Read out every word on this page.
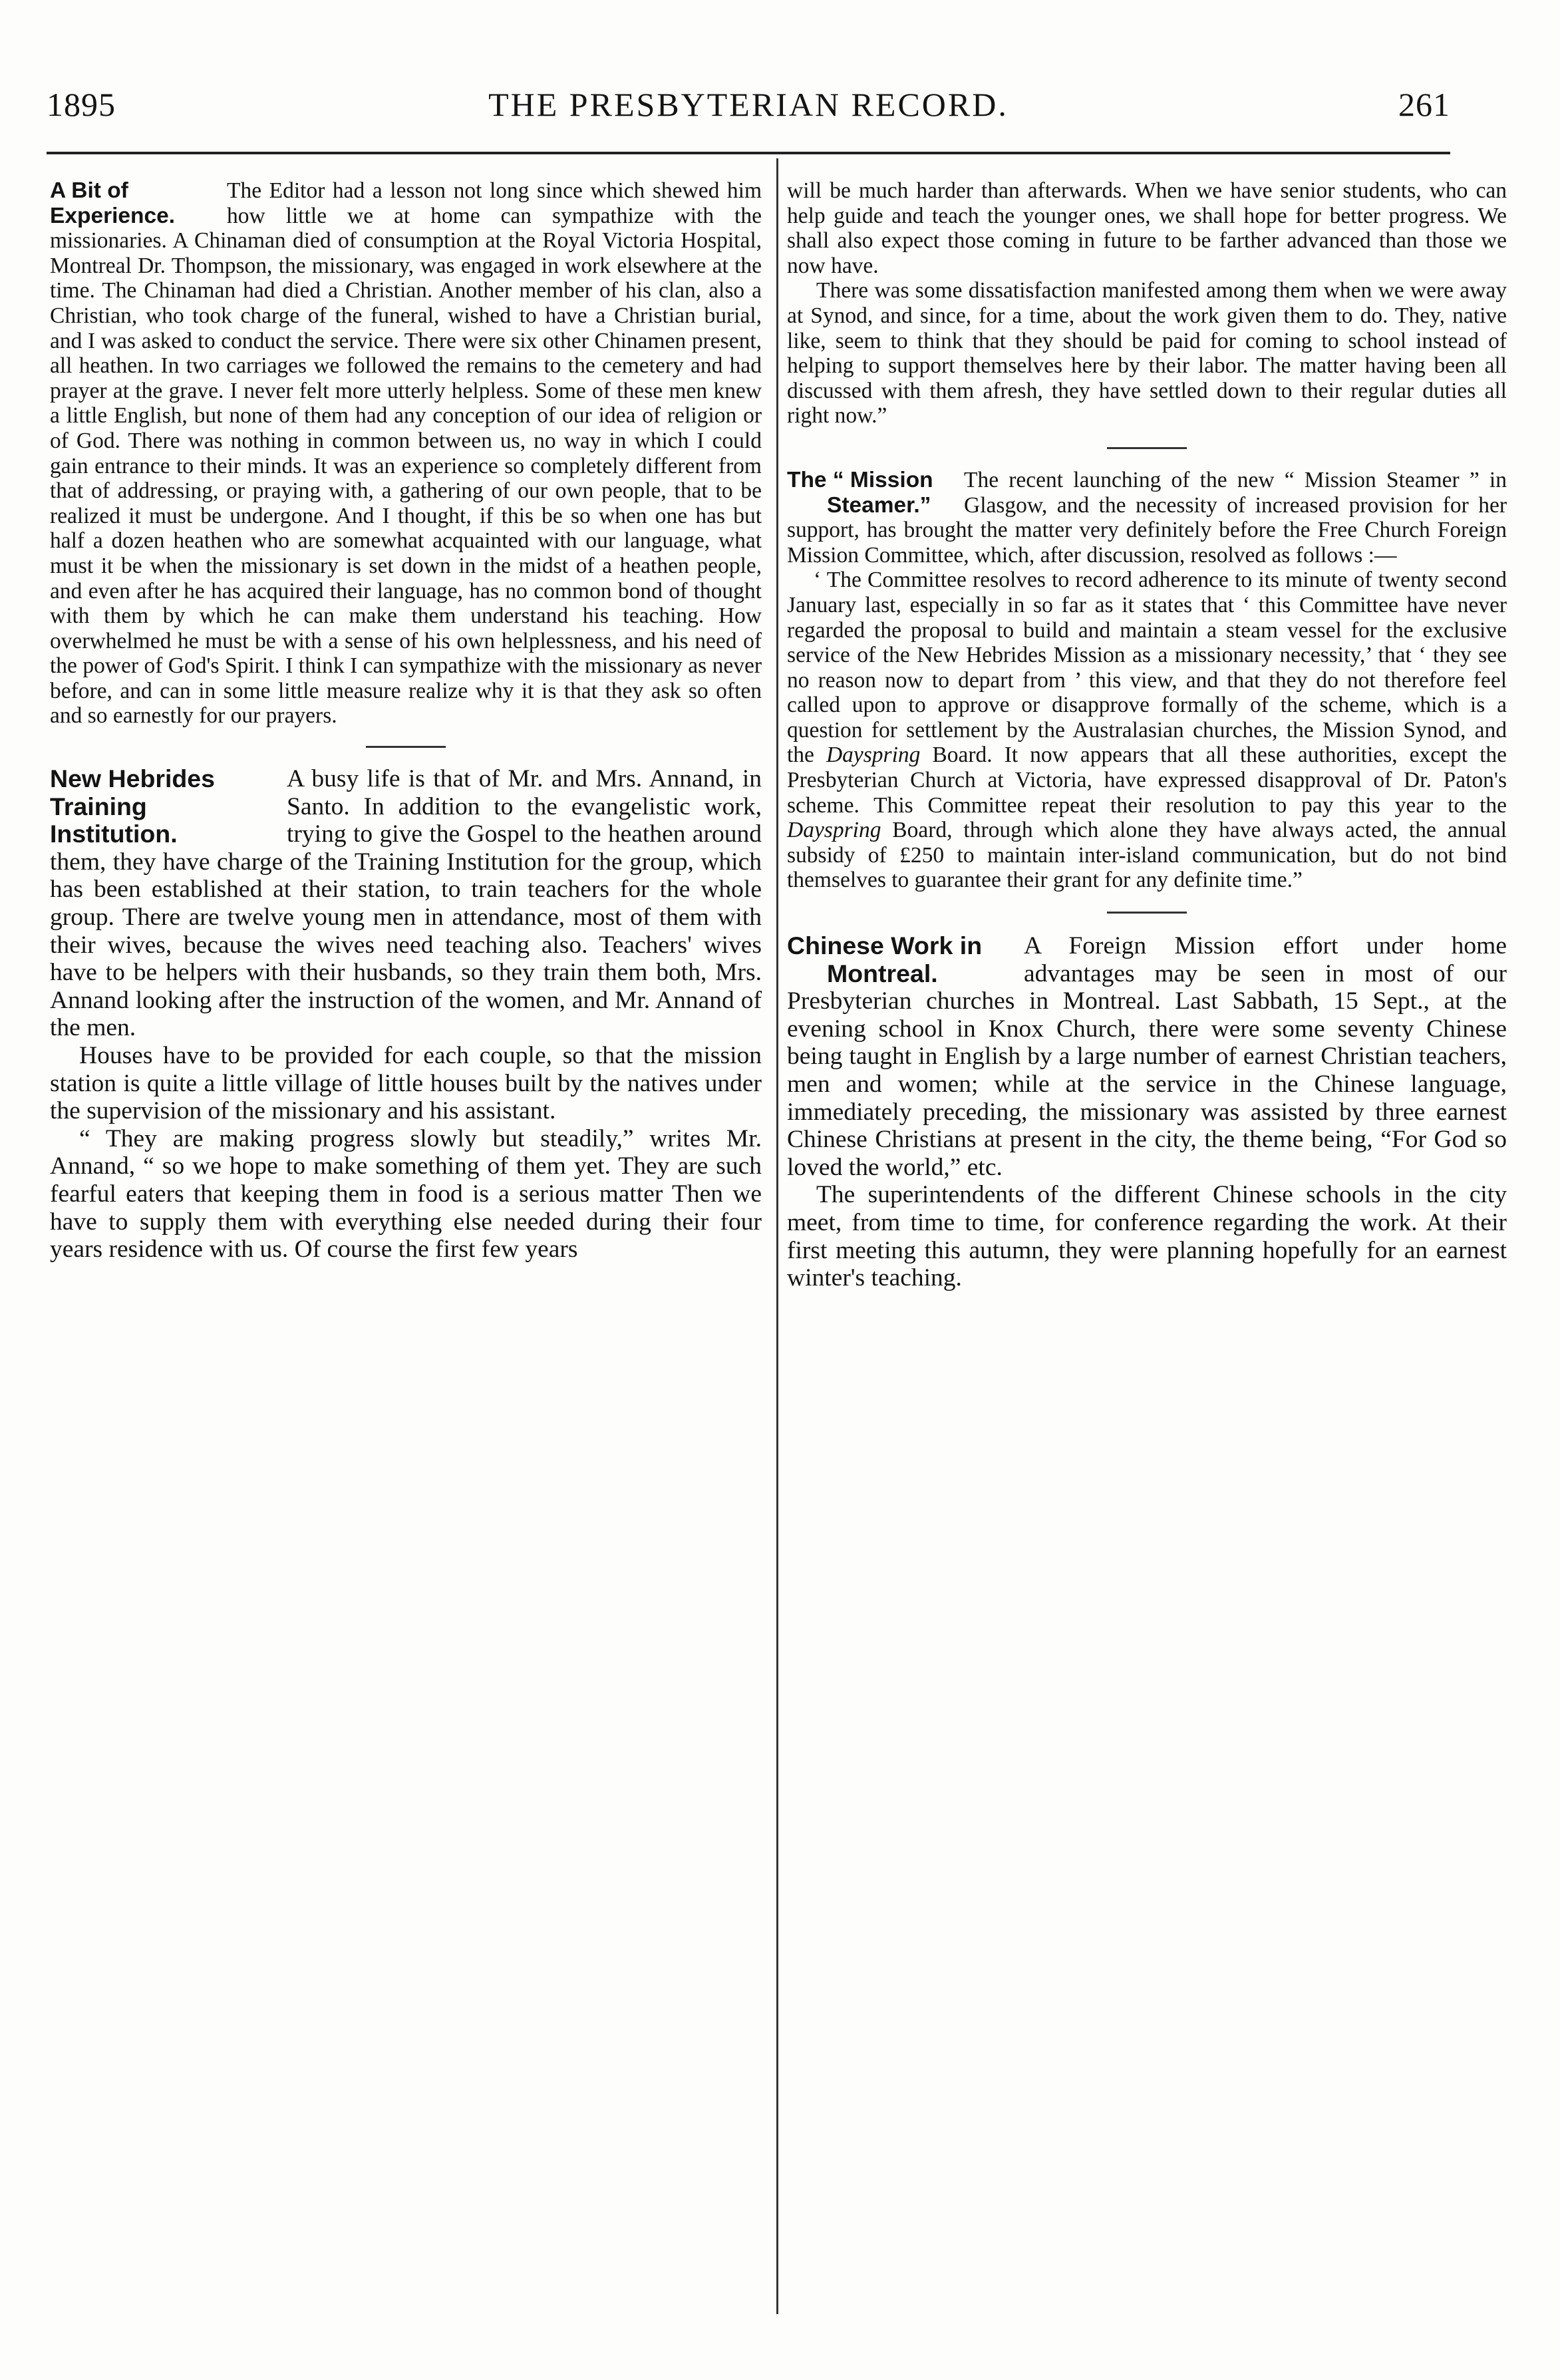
1895	THE PRESBYTERIAN RECORD.	261
A Bit of
Experience.

The Editor had a lesson not long since which shewed him how little we at home can sympathize with the missionaries. A Chinaman died of consumption at the Royal Victoria Hospital, Montreal Dr. Thompson, the missionary, was engaged in work elsewhere at the time. The Chinaman had died a Christian. Another member of his clan, also a Christian, who took charge of the funeral, wished to have a Christian burial, and I was asked to conduct the service. There were six other Chinamen present, all heathen. In two carriages we followed the remains to the cemetery and had prayer at the grave. I never felt more utterly helpless. Some of these men knew a little English, but none of them had any conception of our idea of religion or of God. There was nothing in common between us, no way in which I could gain entrance to their minds. It was an experience so completely different from that of addressing, or praying with, a gathering of our own people, that to be realized it must be undergone. And I thought, if this be so when one has but half a dozen heathen who are somewhat acquainted with our language, what must it be when the missionary is set down in the midst of a heathen people, and even after he has acquired their language, has no common bond of thought with them by which he can make them understand his teaching. How overwhelmed he must be with a sense of his own helplessness, and his need of the power of God's Spirit. I think I can sympathize with the missionary as never before, and can in some little measure realize why it is that they ask so often and so earnestly for our prayers.

New Hebrides
Training Institution.

A busy life is that of Mr. and Mrs. Annand, in Santo. In addition to the evangelistic work, trying to give the Gospel to the heathen around them, they have charge of the Training Institution for the group, which has been established at their station, to train teachers for the whole group. There are twelve young men in attendance, most of them with their wives, because the wives need teaching also. Teachers' wives have to be helpers with their husbands, so they train them both, Mrs. Annand looking after the instruction of the women, and Mr. Annand of the men.

Houses have to be provided for each couple, so that the mission station is quite a little village of little houses built by the natives under the supervision of the missionary and his assistant.

“ They are making progress slowly but steadily,” writes Mr. Annand, “ so we hope to make something of them yet. They are such fearful eaters that keeping them in food is a serious matter Then we have to supply them with everything else needed during their four years residence with us. Of course the first few years

will be much harder than afterwards. When we have senior students, who can help guide and teach the younger ones, we shall hope for better progress. We shall also expect those coming in future to be farther advanced than those we now have.

There was some dissatisfaction manifested among them when we were away at Synod, and since, for a time, about the work given them to do. They, native like, seem to think that they should be paid for coming to school instead of helping to support themselves here by their labor. The matter having been all discussed with them afresh, they have settled down to their regular duties all right now.”

The “ Mission
Steamer.”

The recent launching of the new “ Mission Steamer ” in Glasgow, and the necessity of increased provision for her support, has brought the matter very definitely before the Free Church Foreign Mission Committee, which, after discussion, resolved as follows :—

‘ The Committee resolves to record adherence to its minute of twenty second January last, especially in so far as it states that ‘ this Committee have never regarded the proposal to build and maintain a steam vessel for the exclusive service of the New Hebrides Mission as a missionary necessity,’ that ‘ they see no reason now to depart from ’ this view, and that they do not therefore feel called upon to approve or disapprove formally of the scheme, which is a question for settlement by the Australasian churches, the Mission Synod, and the Dayspring Board. It now appears that all these authorities, except the Presbyterian Church at Victoria, have expressed disapproval of Dr. Paton's scheme. This Committee repeat their resolution to pay this year to the Dayspring Board, through which alone they have always acted, the annual subsidy of £250 to maintain inter-island communication, but do not bind themselves to guarantee their grant for any definite time.”

Chinese Work in
Montreal.

A Foreign Mission effort under home advantages may be seen in most of our Presbyterian churches in Montreal. Last Sabbath, 15 Sept., at the evening school in Knox Church, there were some seventy Chinese being taught in English by a large number of earnest Christian teachers, men and women; while at the service in the Chinese language, immediately preceding, the missionary was assisted by three earnest Chinese Christians at present in the city, the theme being, “For God so loved the world,” etc.

The superintendents of the different Chinese schools in the city meet, from time to time, for conference regarding the work. At their first meeting this autumn, they were planning hopefully for an earnest winter's teaching.
